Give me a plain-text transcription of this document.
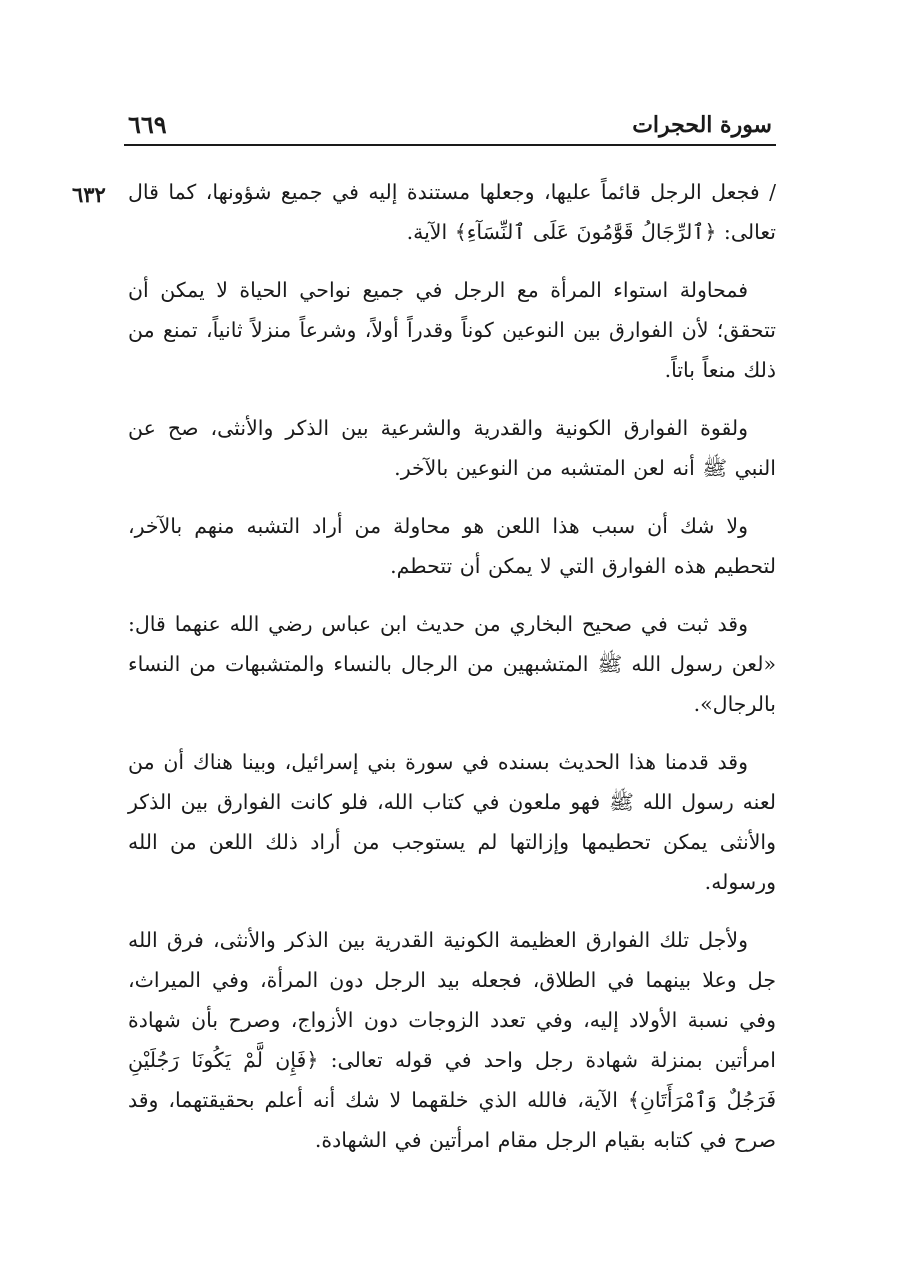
سورة الحجرات
٦٦٩
٦٣٢	/ فجعل الرجل قائماً عليها، وجعلها مستندة إليه في جميع شؤونها، كما قال تعالى: ﴿ٱلرِّجَالُ قَوَّٰمُونَ عَلَى ٱلنِّسَآءِ﴾ الآية.

فمحاولة استواء المرأة مع الرجل في جميع نواحي الحياة لا يمكن أن تتحقق؛ لأن الفوارق بين النوعين كوناً وقدراً أولاً، وشرعاً منزلاً ثانياً، تمنع من ذلك منعاً باتاً.

ولقوة الفوارق الكونية والقدرية والشرعية بين الذكر والأنثى، صح عن النبي ﷺ أنه لعن المتشبه من النوعين بالآخر.

ولا شك أن سبب هذا اللعن هو محاولة من أراد التشبه منهم بالآخر، لتحطيم هذه الفوارق التي لا يمكن أن تتحطم.

وقد ثبت في صحيح البخاري من حديث ابن عباس رضي الله عنهما قال: «لعن رسول الله ﷺ المتشبهين من الرجال بالنساء والمتشبهات من النساء بالرجال».

وقد قدمنا هذا الحديث بسنده في سورة بني إسرائيل، وبينا هناك أن من لعنه رسول الله ﷺ فهو ملعون في كتاب الله، فلو كانت الفوارق بين الذكر والأنثى يمكن تحطيمها وإزالتها لم يستوجب من أراد ذلك اللعن من الله ورسوله.

ولأجل تلك الفوارق العظيمة الكونية القدرية بين الذكر والأنثى، فرق الله جل وعلا بينهما في الطلاق، فجعله بيد الرجل دون المرأة، وفي الميراث، وفي نسبة الأولاد إليه، وفي تعدد الزوجات دون الأزواج، وصرح بأن شهادة امرأتين بمنزلة شهادة رجل واحد في قوله تعالى: ﴿فَإِن لَّمْ يَكُونَا رَجُلَيْنِ فَرَجُلٌ وَٱمْرَأَتَانِ﴾ الآية، فالله الذي خلقهما لا شك أنه أعلم بحقيقتهما، وقد صرح في كتابه بقيام الرجل مقام امرأتين في الشهادة.
